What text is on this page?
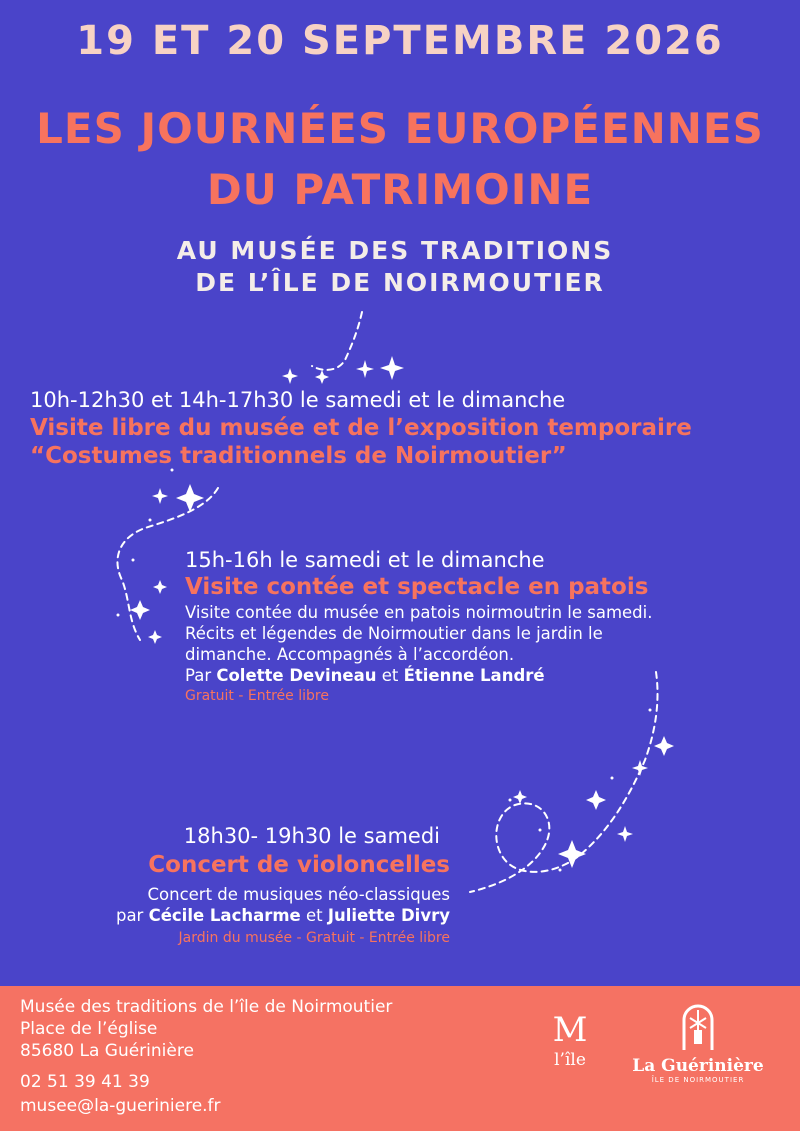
19 ET 20 SEPTEMBRE 2026
LES JOURNÉES EUROPÉENNES
DU PATRIMOINE
AU MUSÉE DES TRADITIONS
DE L’ÎLE DE NOIRMOUTIER
10h-12h30 et 14h-17h30 le samedi et le dimanche
Visite libre du musée et de l’exposition temporaire
“Costumes traditionnels de Noirmoutier”
15h-16h le samedi et le dimanche
Visite contée et spectacle en patois
Visite contée du musée en patois noirmoutrin le samedi.
Récits et légendes de Noirmoutier dans le jardin le
dimanche. Accompagnés à l’accordéon.
Par Colette Devineau et Étienne Landré
Gratuit - Entrée libre
18h30- 19h30 le samedi
Concert de violoncelles
Concert de musiques néo-classiques
par Cécile Lacharme et Juliette Divry
Jardin du musée - Gratuit - Entrée libre
Musée des traditions de l’île de Noirmoutier
Place de l’église
85680 La Guérinière
02 51 39 41 39
musee@la-gueriniere.fr
M
l’île	La Guérinière
ÎLE DE NOIRMOUTIER
